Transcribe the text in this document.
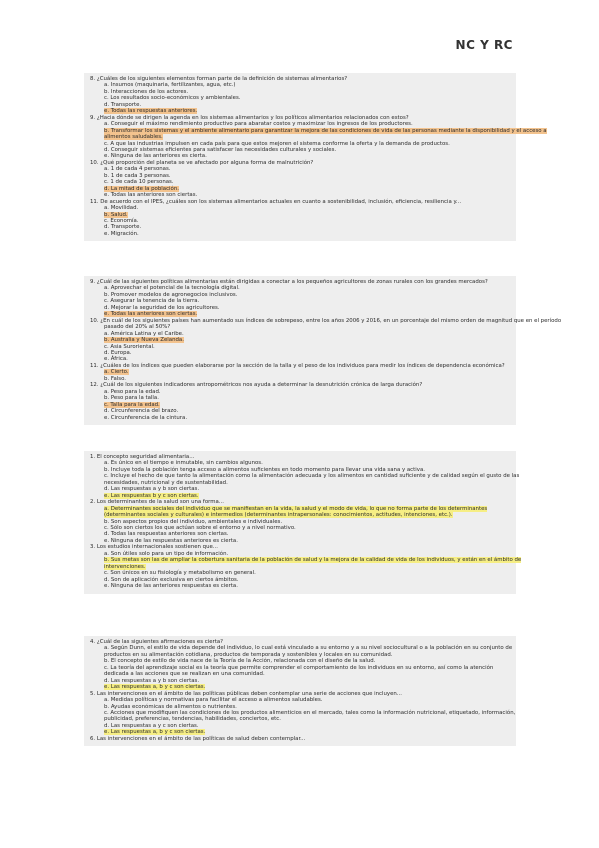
NC Y RC
8. ¿Cuáles de los siguientes elementos forman parte de la definición de sistemas alimentarios?
a. Insumos (maquinaria, fertilizantes, agua, etc.)
b. Interacciones de los actores.
c. Los resultados socio-económicos y ambientales.
d. Transporte.
e. Todas las respuestas anteriores.
9. ¿Hacia dónde se dirigen la agenda en los sistemas alimentarios y los políticos alimentarios relacionados con estos?
a. Conseguir el máximo rendimiento productivo para abaratar costos y maximizar los ingresos de los productores.
b. Transformar los sistemas y el ambiente alimentario para garantizar la mejora de las condiciones de vida de las personas mediante la disponibilidad y el acceso a
alimentos saludables.
c. A que las industrias impulsen en cada país para que estos mejoren el sistema conforme la oferta y la demanda de productos.
d. Conseguir sistemas eficientes para satisfacer las necesidades culturales y sociales.
e. Ninguna de las anteriores es cierta.
10. ¿Qué proporción del planeta se ve afectado por alguna forma de malnutrición?
a. 1 de cada 4 personas.
b. 1 de cada 3 personas.
c. 1 de cada 10 personas.
d. La mitad de la población.
e. Todas las anteriores son ciertas.
11. De acuerdo con el IPES, ¿cuáles son los sistemas alimentarios actuales en cuanto a sostenibilidad, inclusión, eficiencia, resiliencia y...
a. Movilidad.
b. Salud.
c. Economía.
d. Transporte.
e. Migración.
9. ¿Cuál de las siguientes políticas alimentarias están dirigidas a conectar a los pequeños agricultores de zonas rurales con los grandes mercados?
a. Aprovechar el potencial de la tecnología digital.
b. Promover modelos de agronegocios inclusivos.
c. Asegurar la tenencia de la tierra.
d. Mejorar la seguridad de los agricultores.
e. Todas las anteriores son ciertas.
10. ¿En cuál de los siguientes países han aumentado sus índices de sobrepeso, entre los años 2006 y 2016, en un porcentaje del mismo orden de magnitud que en el período
pasado del 20% al 50%?
a. América Latina y el Caribe.
b. Australia y Nueva Zelanda.
c. Asia Suroriental.
d. Europa.
e. África.
11. ¿Cuáles de los índices que pueden elaborarse por la sección de la talla y el peso de los individuos para medir los índices de dependencia económica?
a. Cierto.
b. Falso.
12. ¿Cuál de los siguientes indicadores antropométricos nos ayuda a determinar la desnutrición crónica de larga duración?
a. Peso para la edad.
b. Peso para la talla.
c. Talla para la edad.
d. Circunferencia del brazo.
e. Circunferencia de la cintura.
1. El concepto seguridad alimentaria...
a. Es único en el tiempo e inmutable, sin cambios algunos.
b. Incluye toda la población tenga acceso a alimentos suficientes en todo momento para llevar una vida sana y activa.
c. Incluye el hecho de que tanto la alimentación como la alimentación adecuada y los alimentos en cantidad suficiente y de calidad según el gusto de las
necesidades, nutricional y de sustentabilidad.
d. Las respuestas a y b son ciertas.
e. Las respuestas b y c son ciertas.
2. Los determinantes de la salud son una forma...
a. Determinantes sociales del individuo que se manifiestan en la vida, la salud y el modo de vida, lo que no forma parte de los determinantes
(determinantes sociales y culturales) e intermedios (determinantes intrapersonales: conocimientos, actitudes, intenciones, etc.).
b. Son aspectos propios del individuo, ambientales e individuales.
c. Sólo son ciertos los que actúan sobre el entorno y a nivel normativo.
d. Todas las respuestas anteriores son ciertas.
e. Ninguna de las respuestas anteriores es cierta.
3. Los estudios internacionales sostienen que...
a. Son útiles solo para un tipo de información.
b. Sus metas son las de ampliar la cobertura sanitaria de la población de salud y la mejora de la calidad de vida de los individuos, y están en el ámbito de
intervenciones.
c. Son únicos en su fisiología y metabolismo en general.
d. Son de aplicación exclusiva en ciertos ámbitos.
e. Ninguna de las anteriores respuestas es cierta.
4. ¿Cuál de las siguientes afirmaciones es cierta?
a. Según Dunn, el estilo de vida depende del individuo, lo cual está vinculado a su entorno y a su nivel sociocultural o a la población en su conjunto de
productos en su alimentación cotidiana, productos de temporada y sostenibles y locales en su comunidad.
b. El concepto de estilo de vida nace de la Teoría de la Acción, relacionada con el diseño de la salud.
c. La teoría del aprendizaje social es la teoría que permite comprender el comportamiento de los individuos en su entorno, así como la atención
dedicada a las acciones que se realizan en una comunidad.
d. Las respuestas a y b son ciertas.
e. Las respuestas a, b y c son ciertas.
5. Las intervenciones en el ámbito de las políticas públicas deben contemplar una serie de acciones que incluyen...
a. Medidas políticas y normativas para facilitar el acceso a alimentos saludables.
b. Ayudas económicas de alimentos o nutrientes.
c. Acciones que modifiquen las condiciones de los productos alimenticios en el mercado, tales como la información nutricional, etiquetado, información,
publicidad, preferencias, tendencias, habilidades, conciertos, etc.
d. Las respuestas a y c son ciertas.
e. Las respuestas a, b y c son ciertas.
6. Las intervenciones en el ámbito de las políticas de salud deben contemplar...
